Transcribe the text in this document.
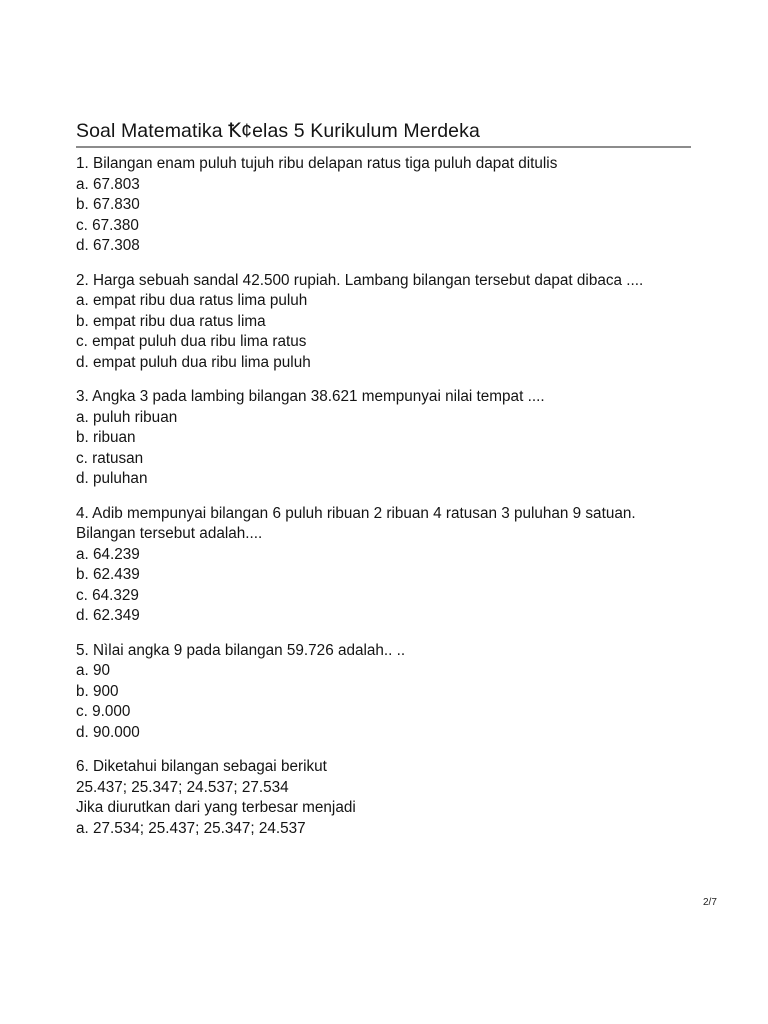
Soal Matematika Ꝁ¢elas 5 Kurikulum Merdeka
1. Bilangan enam puluh tujuh ribu delapan ratus tiga puluh dapat ditulis
a. 67.803
b. 67.830
c. 67.380
d. 67.308
2. Harga sebuah sandal 42.500 rupiah. Lambang bilangan tersebut dapat dibaca ....
a. empat ribu dua ratus lima puluh
b. empat ribu dua ratus lima
c. empat puluh dua ribu lima ratus
d. empat puluh dua ribu lima puluh
3. Angka 3 pada lambing bilangan 38.621 mempunyai nilai tempat ....
a. puluh ribuan
b. ribuan
c. ratusan
d. puluhan
4. Adib mempunyai bilangan 6 puluh ribuan 2 ribuan 4 ratusan 3 puluhan 9 satuan.
Bilangan tersebut adalah....
a. 64.239
b. 62.439
c. 64.329
d. 62.349
5. Nìlai angka 9 pada bilangan 59.726 adalah.. ..
a. 90
b. 900
c. 9.000
d. 90.000
6. Diketahui bilangan sebagai berikut
25.437; 25.347; 24.537; 27.534
Jika diurutkan dari yang terbesar menjadi
a. 27.534; 25.437; 25.347; 24.537
2/7
